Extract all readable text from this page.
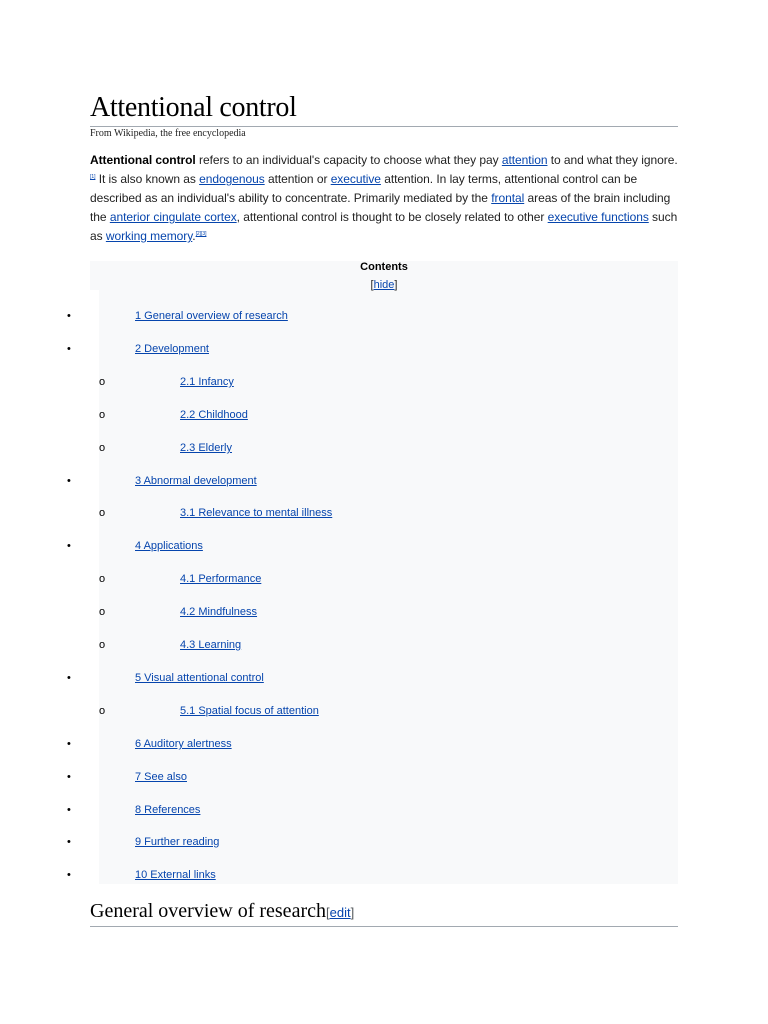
Attentional control
From Wikipedia, the free encyclopedia
Attentional control refers to an individual's capacity to choose what they pay attention to and what they ignore.[1] It is also known as endogenous attention or executive attention. In lay terms, attentional control can be described as an individual's ability to concentrate. Primarily mediated by the frontal areas of the brain including the anterior cingulate cortex, attentional control is thought to be closely related to other executive functions such as working memory.[2][3]
Contents
[hide]
•	1 General overview of research
•	2 Development
o	2.1 Infancy
o	2.2 Childhood
o	2.3 Elderly
•	3 Abnormal development
o	3.1 Relevance to mental illness
•	4 Applications
o	4.1 Performance
o	4.2 Mindfulness
o	4.3 Learning
•	5 Visual attentional control
o	5.1 Spatial focus of attention
•	6 Auditory alertness
•	7 See also
•	8 References
•	9 Further reading
•	10 External links
General overview of research[edit]
